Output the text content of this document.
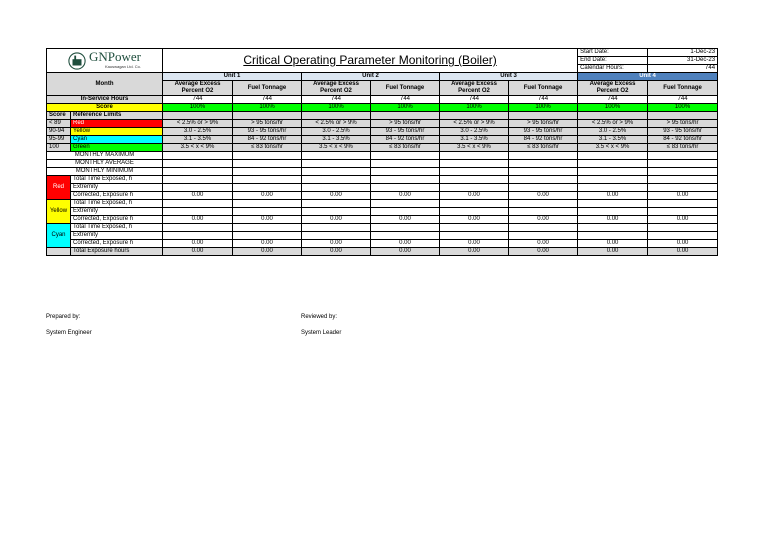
GNPower
Kauswagan Ltd. Co.		Critical Operating Parameter Monitoring (Boiler)						Start Date:	1-Dec-23
								End Date:	31-Dec-23
								Calendar Hours:	744
Month		Unit 1		Unit 2		Unit 3		Unit 4	
		Average Excess Percent O2	Fuel Tonnage	Average Excess Percent O2	Fuel Tonnage	Average Excess Percent O2	Fuel Tonnage	Average Excess Percent O2	Fuel Tonnage
In-Service Hours		744	744	744	744	744	744	744	744
Score		100%	100%	100%	100%	100%	100%	100%	100%
Score	Reference Limits								
< 89	Red	< 2.5% or > 9%	> 95 tons/hr	< 2.5% or > 9%	> 95 tons/hr	< 2.5% or > 9%	> 95 tons/hr	< 2.5% or > 9%	> 95 tons/hr
90-94	Yellow	3.0 - 2.5%	93 - 95 tons/hr	3.0 - 2.5%	93 - 95 tons/hr	3.0 - 2.5%	93 - 95 tons/hr	3.0 - 2.5%	93 - 95 tons/hr
95-99	Cyan	3.1 - 3.5%	84 - 92 tons/hr	3.1 - 3.5%	84 - 92 tons/hr	3.1 - 3.5%	84 - 92 tons/hr	3.1 - 3.5%	84 - 92 tons/hr
100	Green	3.5 < x < 9%	≤ 83 tons/hr	3.5 < x < 9%	≤ 83 tons/hr	3.5 < x < 9%	≤ 83 tons/hr	3.5 < x < 9%	≤ 83 tons/hr
MONTHLY MAXIMUM									
MONTHLY AVERAGE									
MONTHLY MINIMUM									
Red	Total Time Exposed, h								
	Extremity								
	Corrected, Exposure h	0.00	0.00	0.00	0.00	0.00	0.00	0.00	0.00
Yellow	Total Time Exposed, h								
	Extremity								
	Corrected, Exposure h	0.00	0.00	0.00	0.00	0.00	0.00	0.00	0.00
Cyan	Total Time Exposed, h								
	Extremity								
	Corrected, Exposure h	0.00	0.00	0.00	0.00	0.00	0.00	0.00	0.00
	Total Exposure hours	0.00	0.00	0.00	0.00	0.00	0.00	0.00	0.00
Prepared by:
System Engineer
Reviewed by:
System Leader
